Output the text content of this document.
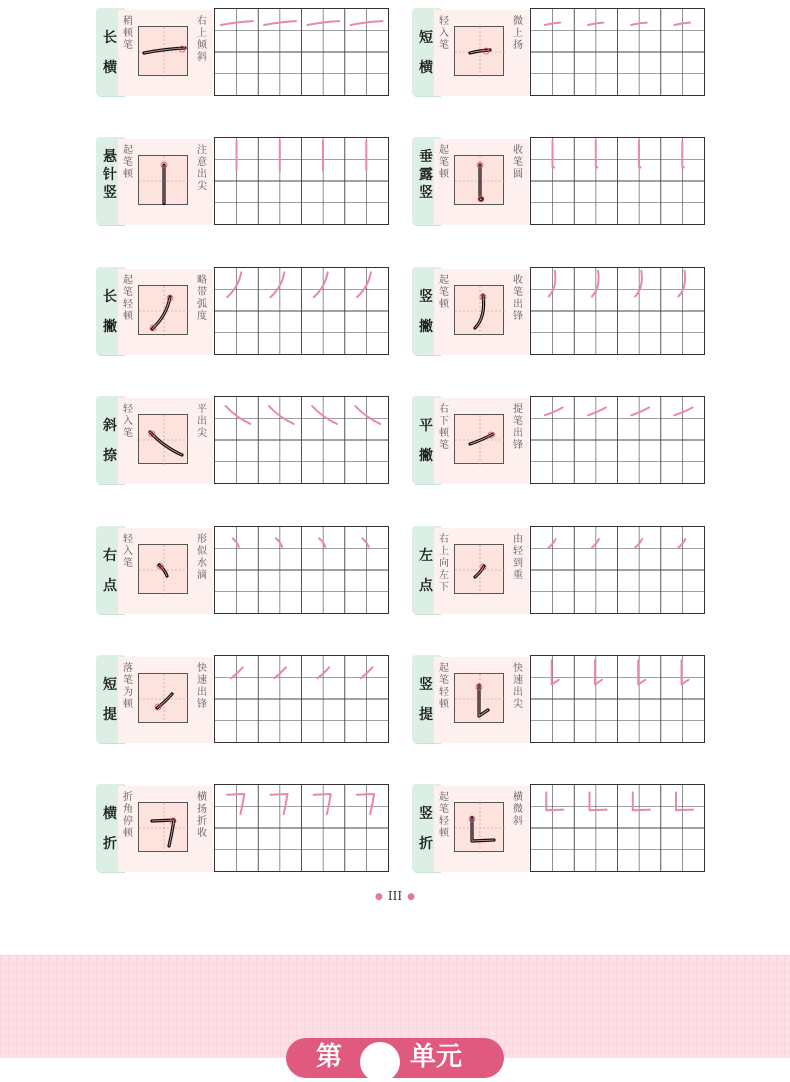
长
横
稍顿笔
右上倾斜
短
横
轻入笔
微上扬
悬
针
竖
起笔顿
注意出尖
垂
露
竖
起笔顿
收笔圆
长
撇
起笔轻顿
略带弧度
竖
撇
起笔顿
收笔出锋
斜
捺
轻入笔
平出尖	平
撇
右下顿笔
提笔出锋
右
点
轻入笔
形似水滴
左
点
右上向左下
由轻到重
短
提
落笔为顿
快速出锋
竖
提
起笔轻顿
快速出尖
横
折
折角停顿
横扬折收
竖
折
起笔轻顿
横微斜
● III ●
第	单元
